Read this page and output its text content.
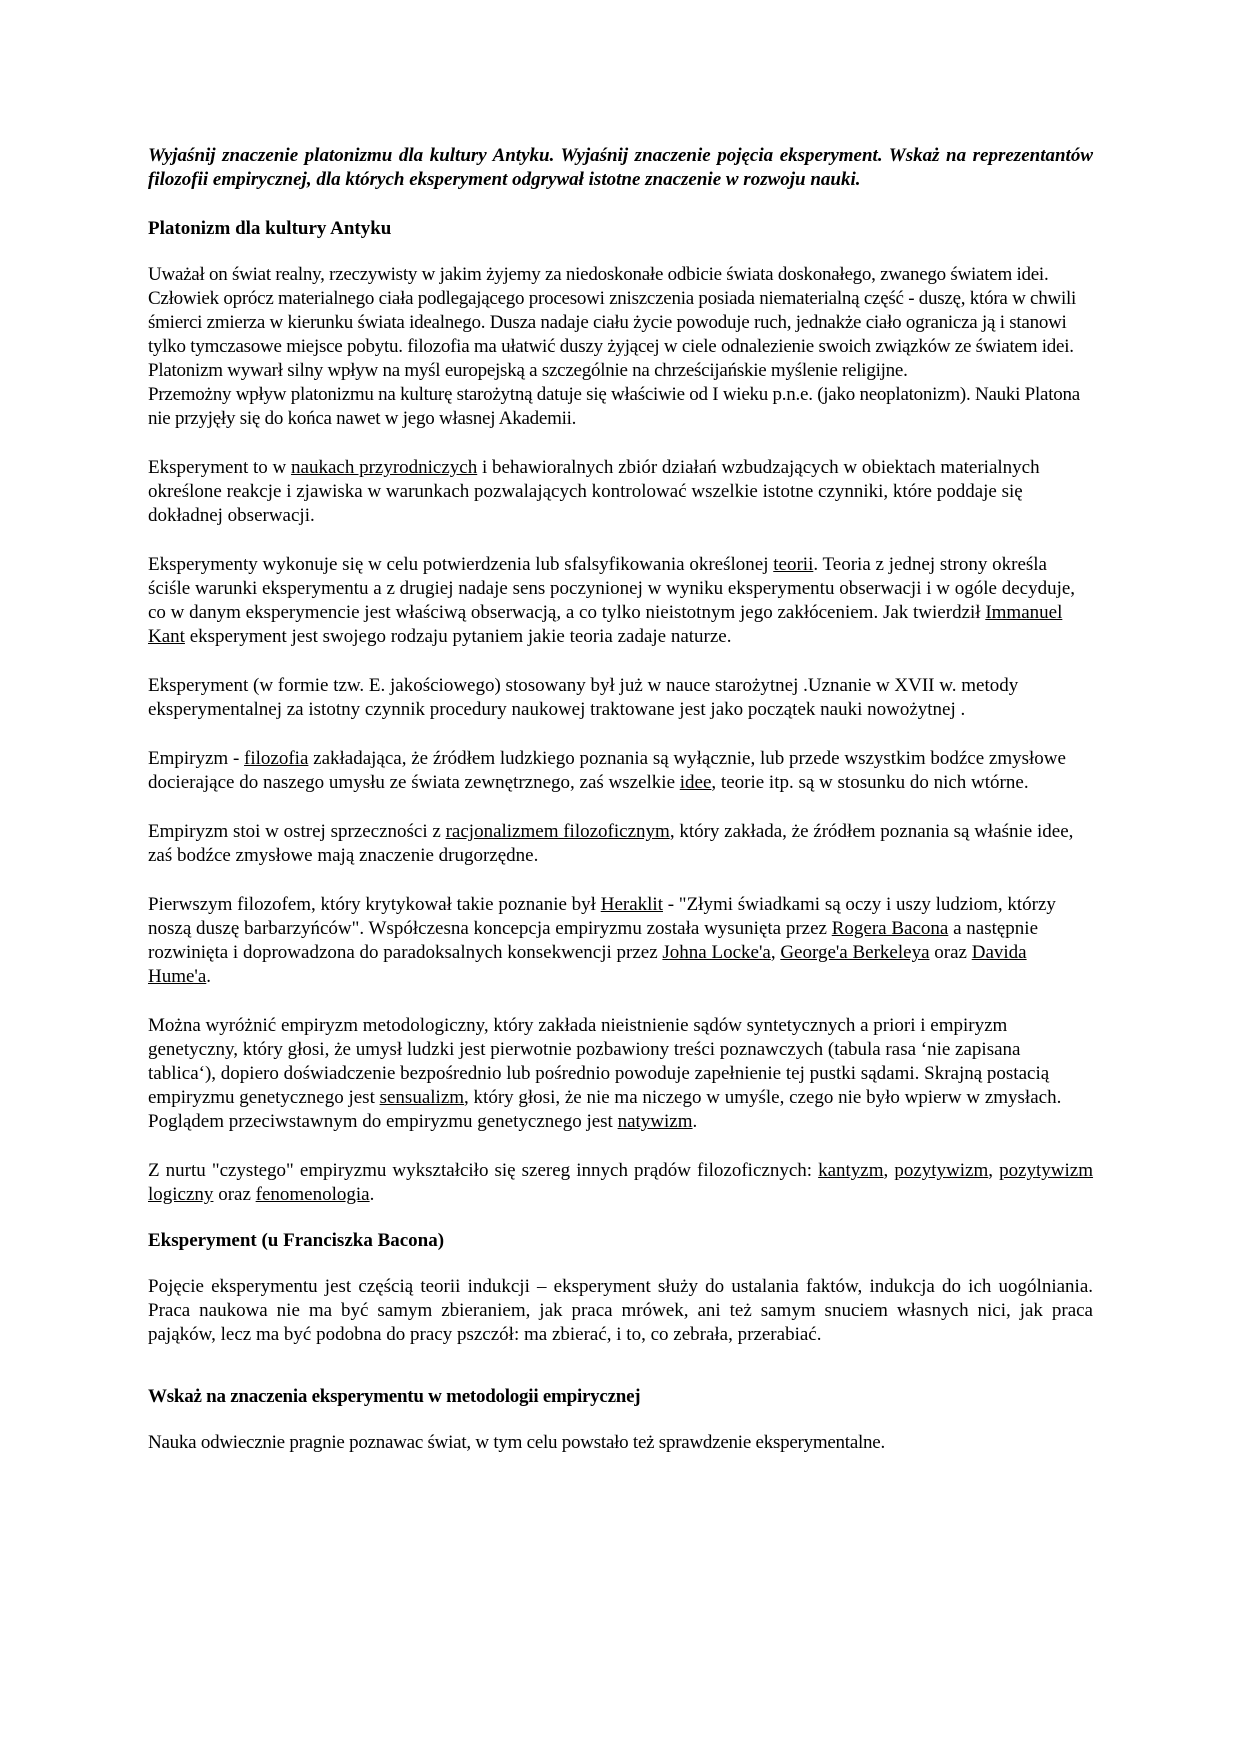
Wyjaśnij znaczenie platonizmu dla kultury Antyku. Wyjaśnij znaczenie pojęcia eksperyment. Wskaż na reprezentantów filozofii empirycznej, dla których eksperyment odgrywał istotne znaczenie w rozwoju nauki.

Platonizm dla kultury Antyku

Uważał on świat realny, rzeczywisty w jakim żyjemy za niedoskonałe odbicie świata doskonałego, zwanego światem idei. Człowiek oprócz materialnego ciała podlegającego procesowi zniszczenia posiada niematerialną część - duszę, która w chwili śmierci zmierza w kierunku świata idealnego. Dusza nadaje ciału życie powoduje ruch, jednakże ciało ogranicza ją i stanowi tylko tymczasowe miejsce pobytu. filozofia ma ułatwić duszy żyjącej w ciele odnalezienie swoich związków ze światem idei. Platonizm wywarł silny wpływ na myśl europejską a szczególnie na chrześcijańskie myślenie religijne.

Przemożny wpływ platonizmu na kulturę starożytną datuje się właściwie od I wieku p.n.e. (jako neoplatonizm). Nauki Platona nie przyjęły się do końca nawet w jego własnej Akademii.

Eksperyment to w naukach przyrodniczych i behawioralnych zbiór działań wzbudzających w obiektach materialnych określone reakcje i zjawiska w warunkach pozwalających kontrolować wszelkie istotne czynniki, które poddaje się dokładnej obserwacji.

Eksperymenty wykonuje się w celu potwierdzenia lub sfalsyfikowania określonej teorii. Teoria z jednej strony określa ściśle warunki eksperymentu a z drugiej nadaje sens poczynionej w wyniku eksperymentu obserwacji i w ogóle decyduje, co w danym eksperymencie jest właściwą obserwacją, a co tylko nieistotnym jego zakłóceniem. Jak twierdził Immanuel Kant eksperyment jest swojego rodzaju pytaniem jakie teoria zadaje naturze.

Eksperyment (w formie tzw. E. jakościowego) stosowany był już w nauce starożytnej .Uznanie w XVII w. metody eksperymentalnej za istotny czynnik procedury naukowej traktowane jest jako początek nauki nowożytnej .

Empiryzm - filozofia zakładająca, że źródłem ludzkiego poznania są wyłącznie, lub przede wszystkim bodźce zmysłowe docierające do naszego umysłu ze świata zewnętrznego, zaś wszelkie idee, teorie itp. są w stosunku do nich wtórne.

Empiryzm stoi w ostrej sprzeczności z racjonalizmem filozoficznym, który zakłada, że źródłem poznania są właśnie idee, zaś bodźce zmysłowe mają znaczenie drugorzędne.

Pierwszym filozofem, który krytykował takie poznanie był Heraklit - "Złymi świadkami są oczy i uszy ludziom, którzy noszą duszę barbarzyńców". Współczesna koncepcja empiryzmu została wysunięta przez Rogera Bacona a następnie rozwinięta i doprowadzona do paradoksalnych konsekwencji przez Johna Locke'a, George'a Berkeleya oraz Davida Hume'a.

Można wyróżnić empiryzm metodologiczny, który zakłada nieistnienie sądów syntetycznych a priori i empiryzm genetyczny, który głosi, że umysł ludzki jest pierwotnie pozbawiony treści poznawczych (tabula rasa ‘nie zapisana tablica‘), dopiero doświadczenie bezpośrednio lub pośrednio powoduje zapełnienie tej pustki sądami. Skrajną postacią empiryzmu genetycznego jest sensualizm, który głosi, że nie ma niczego w umyśle, czego nie było wpierw w zmysłach. Poglądem przeciwstawnym do empiryzmu genetycznego jest natywizm.

Z nurtu "czystego" empiryzmu wykształciło się szereg innych prądów filozoficznych: kantyzm, pozytywizm, pozytywizm logiczny oraz fenomenologia.

Eksperyment (u Franciszka Bacona)

Pojęcie eksperymentu jest częścią teorii indukcji – eksperyment służy do ustalania faktów, indukcja do ich uogólniania. Praca naukowa nie ma być samym zbieraniem, jak praca mrówek, ani też samym snuciem własnych nici, jak praca pająków, lecz ma być podobna do pracy pszczół: ma zbierać, i to, co zebrała, przerabiać.

Wskaż na znaczenia eksperymentu w metodologii empirycznej

Nauka odwiecznie pragnie poznawac świat, w tym celu powstało też sprawdzenie eksperymentalne.
